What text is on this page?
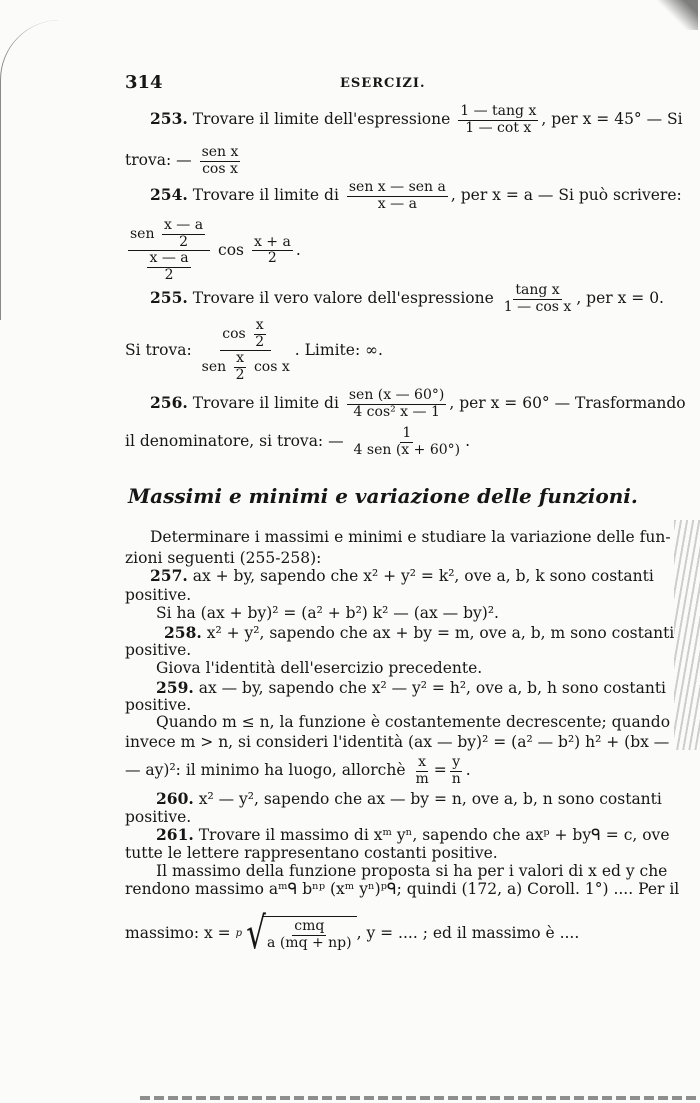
314	ESERCIZI.
253. Trovare il limite dell'espressione $\frac{\text{1 — tang x}}{\text{1 — cot x}}$ , per x = 45° — Si
trova: — $\frac{\text{sen x}}{\text{cos x}}$
254. Trovare il limite di $\frac{\text{sen x — sen a}}{x — a}$ , per x = a — Si può scrivere:
$\frac{sen \frac{x — a}{2}}{\frac{x — a}{2}}$ $\cos \frac{x + a}{2}$ .
255. Trovare il vero valore dell'espressione $\frac{\text{tang x}}{\text{1 — cos x}}$ , per x = 0.
Si trova: $\frac{\cos \frac{x}{2}}{sen \frac{x}{2} \cos x}$ . Limite: ∞.
256. Trovare il limite di $\frac{\text{sen (x — 60°)}}{\text{4 cos² x — 1}}$ , per x = 60° — Trasformando
il denominatore, si trova: — $\frac{1}{\text{4 sen (x + 60°)}}$ .
Massimi e minimi e variazione delle funzioni.
Determinare i massimi e minimi e studiare la variazione delle fun-
zioni seguenti (255-258):
257. ax + by, sapendo che x² + y² = k², ove a, b, k sono costanti
positive.
Si ha (ax + by)² = (a² + b²) k² — (ax — by)².
258. x² + y², sapendo che ax + by = m, ove a, b, m sono costanti
positive.
Giova l'identità dell'esercizio precedente.
259. ax — by, sapendo che x² — y² = h², ove a, b, h sono costanti
positive.
Quando m ≤ n, la funzione è costantemente decrescente; quando
invece m > n, si consideri l'identità (ax — by)² = (a² — b²) h² + (bx —
— ay)²: il minimo ha luogo, allorchè $\frac{x}{m} = \frac{y}{n}$ .
260. x² — y², sapendo che ax — by = n, ove a, b, n sono costanti
positive.
261. Trovare il massimo di xᵐ yⁿ, sapendo che axᵖ + byᑫ = c, ove
tutte le lettere rappresentano costanti positive.
Il massimo della funzione proposta si ha per i valori di x ed y che
rendono massimo aᵐᑫ bⁿᵖ (xᵐ yⁿ)ᵖᑫ; quindi (172, a) Coroll. 1°) .... Per il
massimo: x = p √ $\frac{\text{cmq}}{a (mq + np)}$ , y = .... ; ed il massimo è ....
